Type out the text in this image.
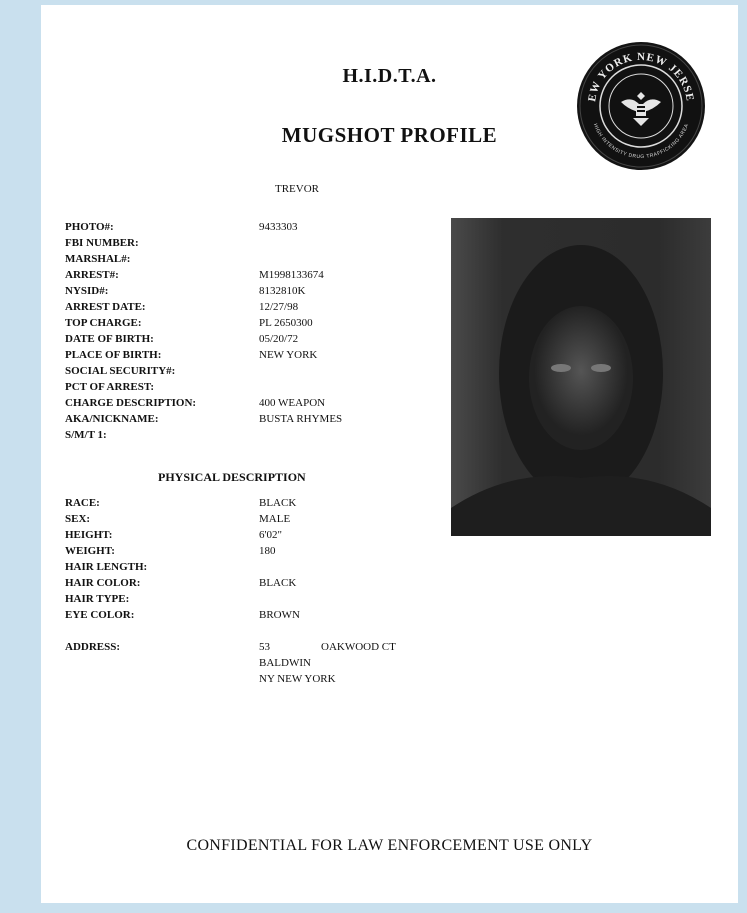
H.I.D.T.A.
MUGSHOT PROFILE
EW YORK NEW JERSE
HIGH INTENSITY DRUG TRAFFICKING AREA
TREVOR
PHOTO#:	9433303
FBI NUMBER:
MARSHAL#:
ARREST#:	M1998133674
NYSID#:	8132810K
ARREST DATE:	12/27/98
TOP CHARGE:	PL 2650300
DATE OF BIRTH:	05/20/72
PLACE OF BIRTH:	NEW YORK
SOCIAL SECURITY#:
PCT OF ARREST:
CHARGE DESCRIPTION:	400 WEAPON
AKA/NICKNAME:	BUSTA RHYMES
S/M/T 1:
PHYSICAL DESCRIPTION
RACE:	BLACK
SEX:	MALE
HEIGHT:	6'02"
WEIGHT:	180
HAIR LENGTH:
HAIR COLOR:	BLACK
HAIR TYPE:
EYE COLOR:	BROWN
ADDRESS:	53	OAKWOOD CT
BALDWIN
NY NEW YORK
CONFIDENTIAL FOR LAW ENFORCEMENT USE ONLY
